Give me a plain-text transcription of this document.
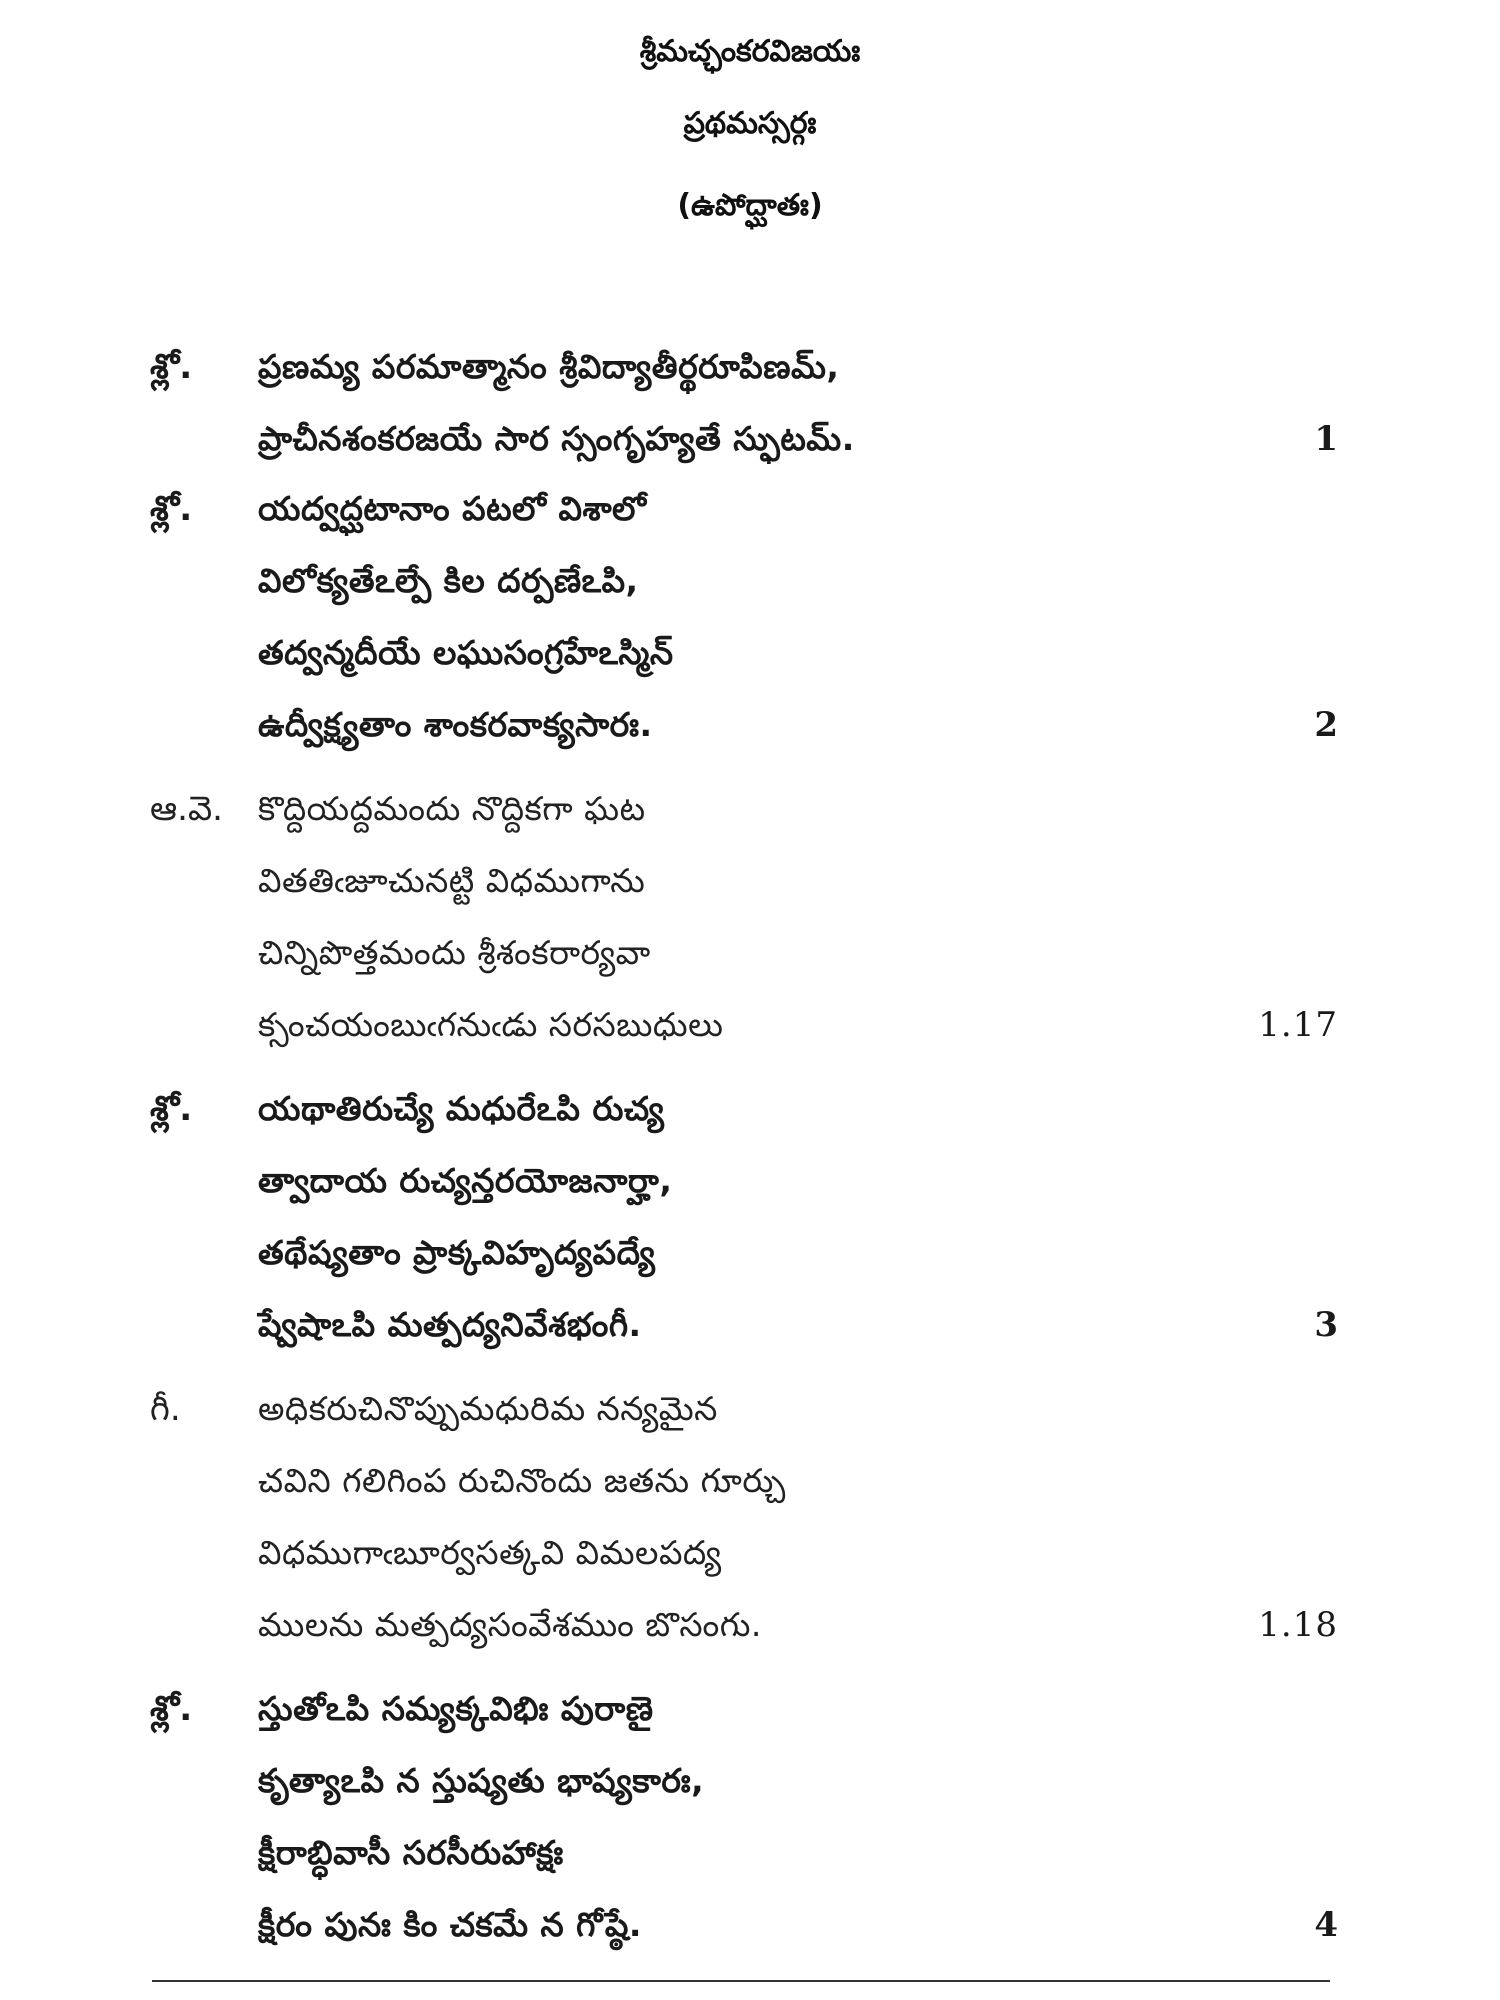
శ్రీమచ్ఛంకరవిజయః
ప్రథమస్సర్గః
(ఉపోద్ఘాతః)
శ్లో. ప్రణమ్య పరమాత్మానం శ్రీవిద్యాతీర్థరూపిణమ్,
ప్రాచీనశంకరజయే సార స్సంగృహ్యతే స్ఫుటమ్.	1
శ్లో. యద్వద్ఘటానాం పటలో విశాలో
విలోక్యతేఽల్పే కిల దర్పణేఽపి,
తద్వన్మదీయే లఘుసంగ్రహేఽస్మిన్
ఉద్వీక్ష్యతాం శాంకరవాక్యసారః.	2
ఆ.వె. కొద్దియద్దమందు నొద్దికగా ఘట
వితతిఁజూచునట్టి విధముగాను
చిన్నిపొత్తమందు శ్రీశంకరార్యవా
క్సంచయంబుఁగనుఁడు సరసబుధులు	1.17
శ్లో. యథాతిరుచ్యే మధురేఽపి రుచ్య
త్వాదాయ రుచ్యన్తరయోజనార్హా,
తథేష్యతాం ప్రాక్కవిహృద్యపద్యే
ష్వేషాఽపి మత్పద్యనివేశభంగీ.	3
గీ. అధికరుచినొప్పుమధురిమ నన్యమైన
చవిని గలిగింప రుచినొందు జతను గూర్చు
విధముగాఁబూర్వసత్కవి విమలపద్య
ములను మత్పద్యసంవేశముం బొసంగు.	1.18
శ్లో. స్తుతోఽపి సమ్యక్కవిభిః పురాణై
కృత్యాఽపి న స్తుష్యతు భాష్యకారః,
క్షీరాబ్ధివాసీ సరసీరుహాక్షః
క్షీరం పునః కిం చకమే న గోష్ఠే.	4
